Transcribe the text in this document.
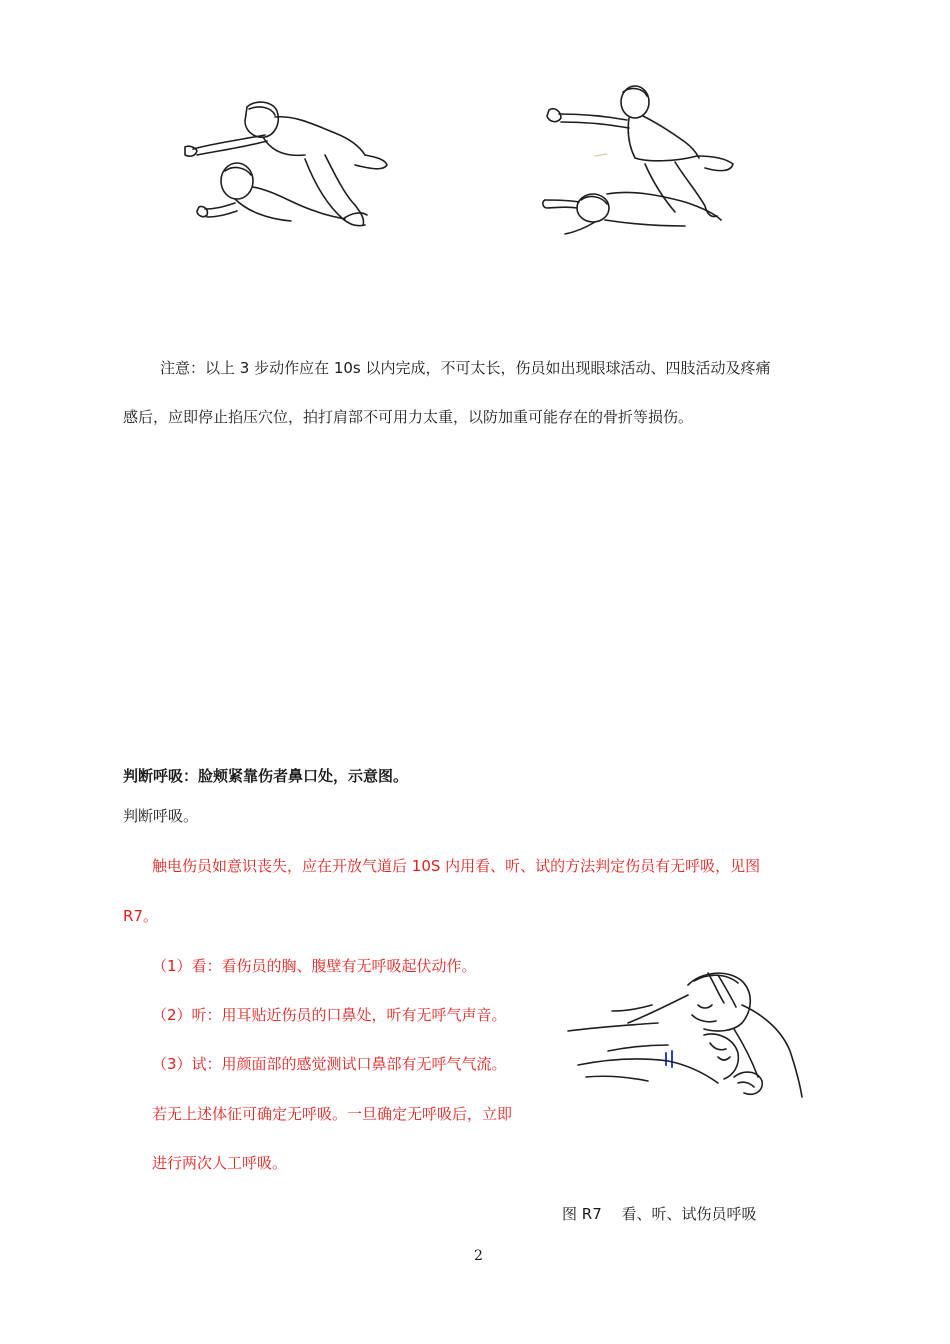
注意：以上 3 步动作应在 10s 以内完成，不可太长，伤员如出现眼球活动、四肢活动及疼痛
感后，应即停止掐压穴位，拍打肩部不可用力太重，以防加重可能存在的骨折等损伤。
判断呼吸：脸颊紧靠伤者鼻口处，示意图。
判断呼吸。
触电伤员如意识丧失，应在开放气道后 10S 内用看、听、试的方法判定伤员有无呼吸，见图
R7。
（1）看：看伤员的胸、腹壁有无呼吸起伏动作。
（2）听：用耳贴近伤员的口鼻处，听有无呼气声音。
（3）试：用颜面部的感觉测试口鼻部有无呼气气流。
若无上述体征可确定无呼吸。一旦确定无呼吸后，立即
进行两次人工呼吸。
图 R7　 看、听、试伤员呼吸
2
